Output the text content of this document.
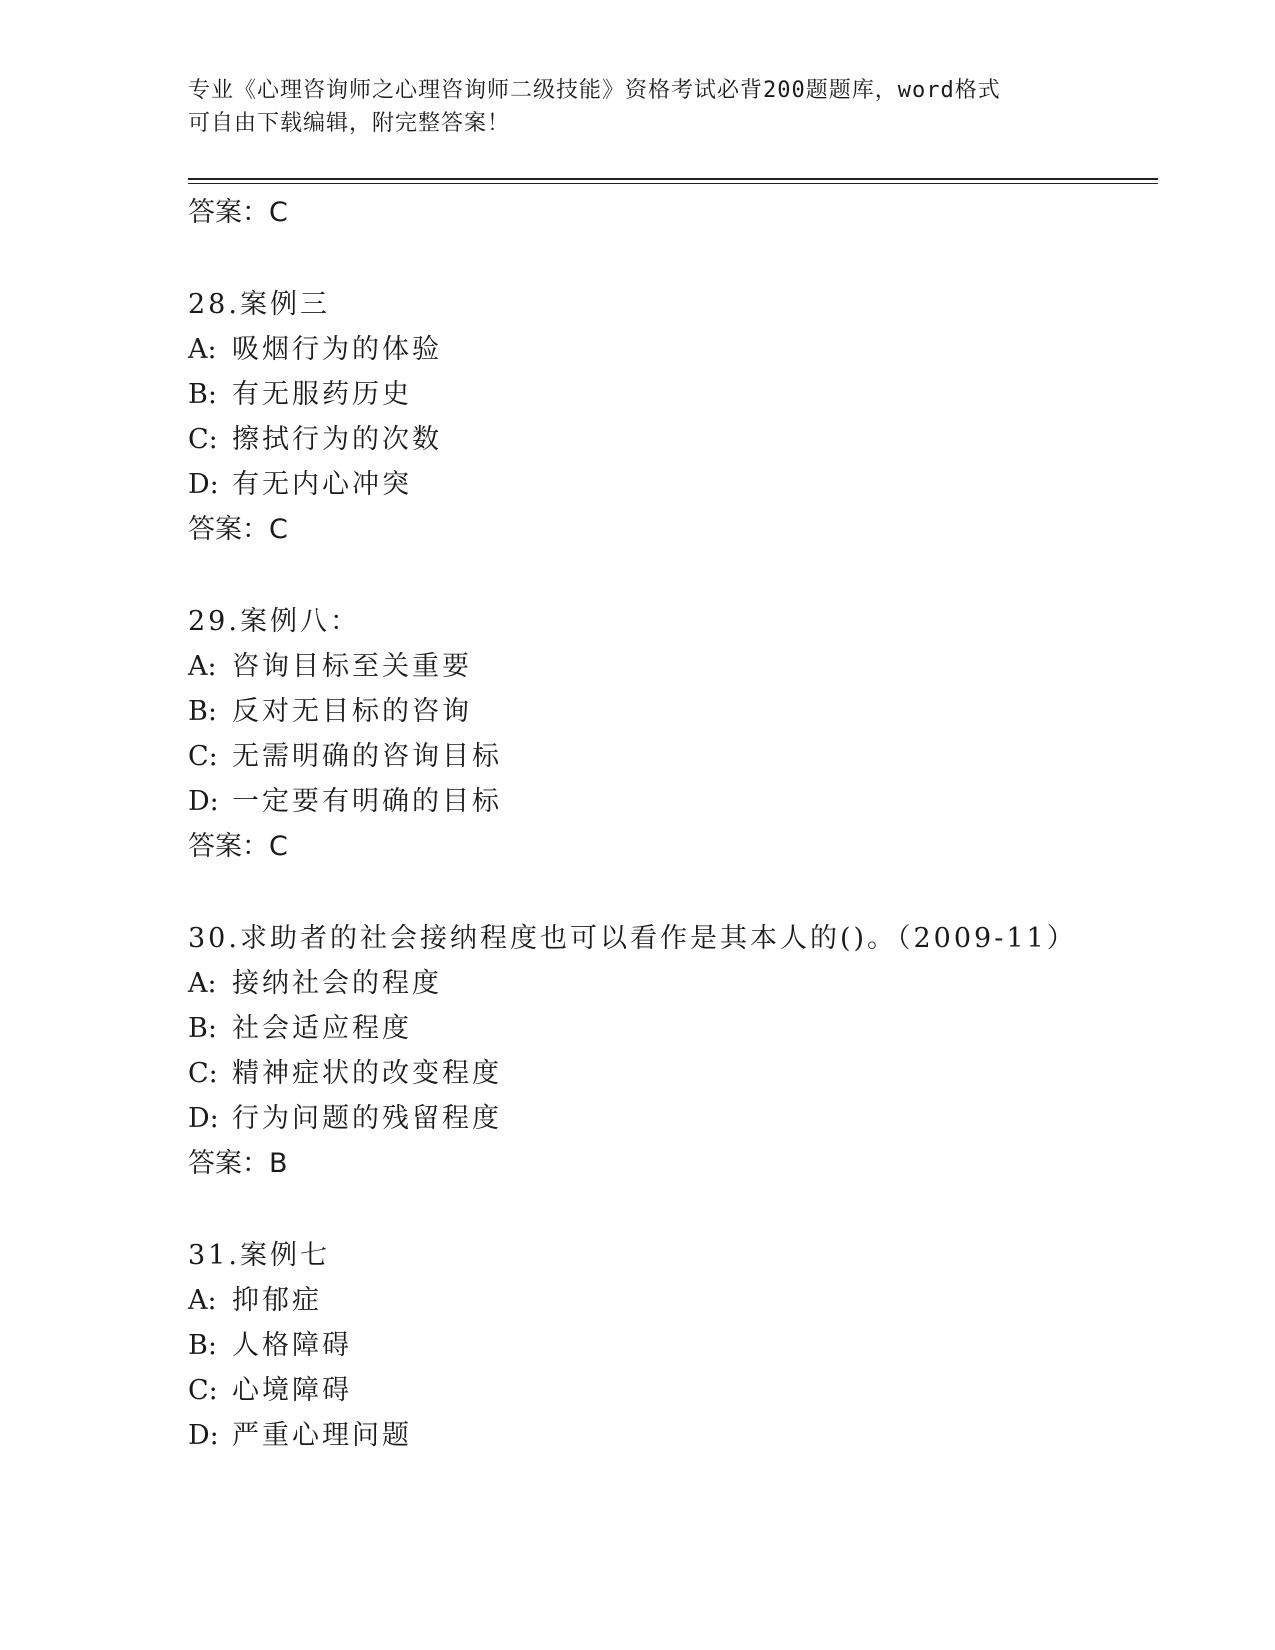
专业《心理咨询师之心理咨询师二级技能》资格考试必背200题题库，word格式
可自由下载编辑，附完整答案！
答案：C
28.案例三
A: 吸烟行为的体验
B: 有无服药历史
C: 擦拭行为的次数
D: 有无内心冲突
答案：C
29.案例八：
A: 咨询目标至关重要
B: 反对无目标的咨询
C: 无需明确的咨询目标
D: 一定要有明确的目标
答案：C
30.求助者的社会接纳程度也可以看作是其本人的()。（2009-11）
A: 接纳社会的程度
B: 社会适应程度
C: 精神症状的改变程度
D: 行为问题的残留程度
答案：B
31.案例七
A: 抑郁症
B: 人格障碍
C: 心境障碍
D: 严重心理问题
